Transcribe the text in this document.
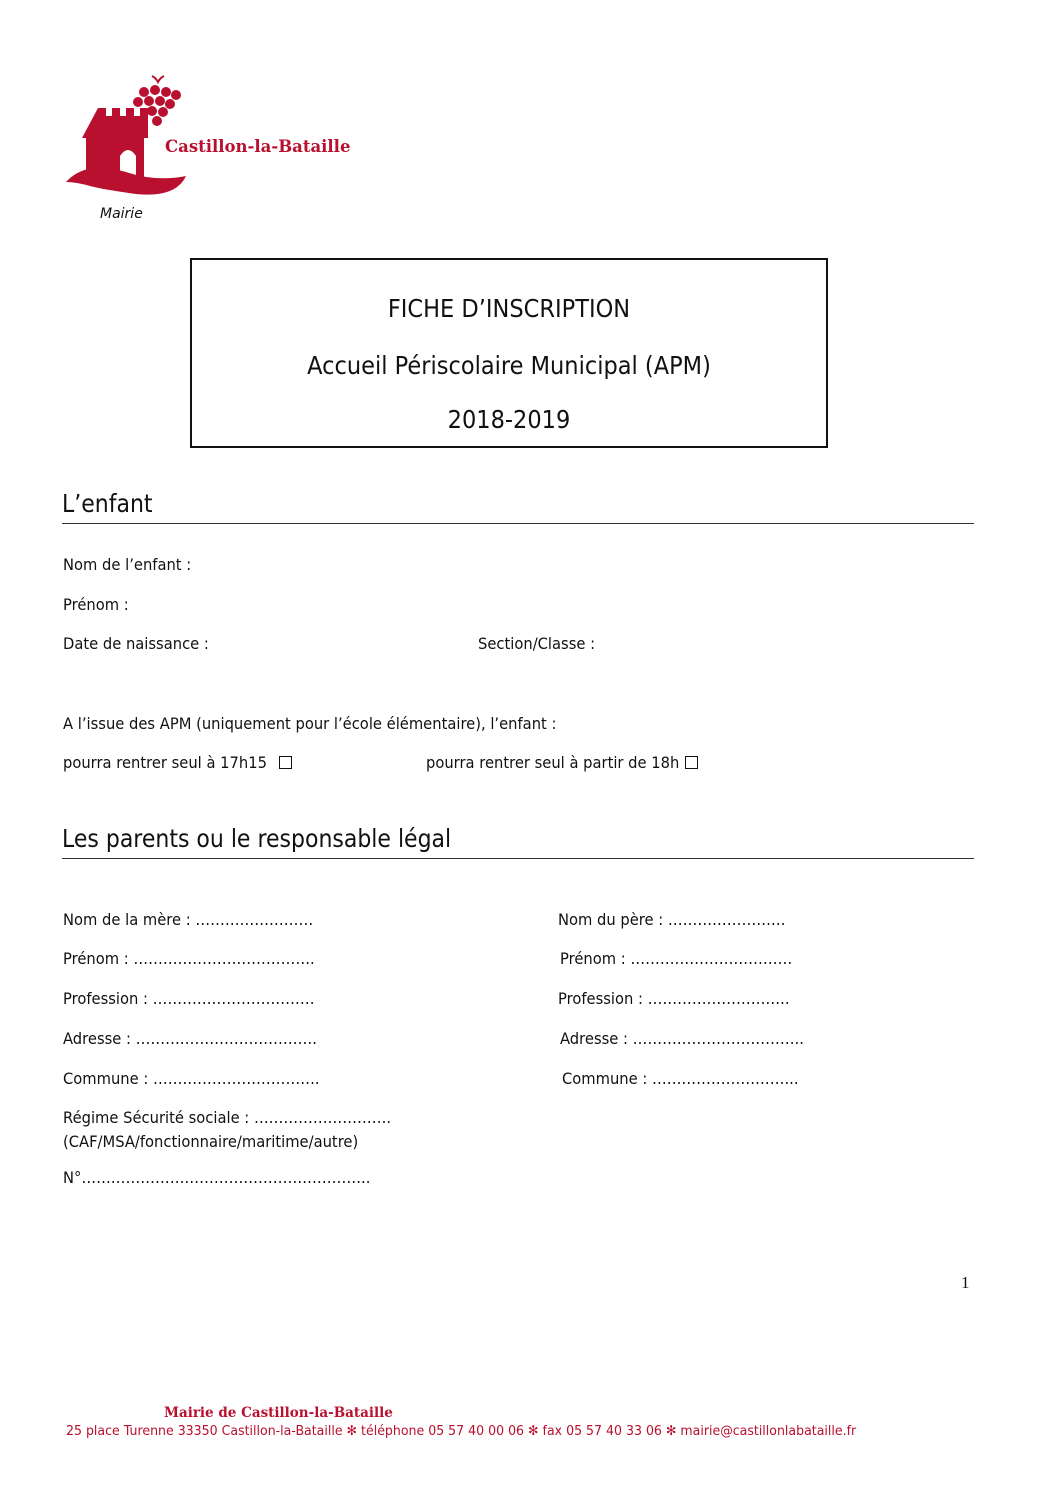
Castillon-la-Bataille
Mairie
FICHE D’INSCRIPTION
Accueil Périscolaire Municipal (APM)
2018-2019
L’enfant
Nom de l’enfant :
Prénom :
Date de naissance :	Section/Classe :
A l’issue des APM (uniquement pour l’école élémentaire), l’enfant :
pourra rentrer seul à 17h15	pourra rentrer seul à partir de 18h
Les parents ou le responsable légal
Nom de la mère : ……………………
Prénom : ……………………………….
Profession : ……………………………
Adresse : ……………………………….
Commune : …………………………….
Nom du père : ……………………
Prénom : ……………………………
Profession : ………………………..
Adresse : ……………………………..
Commune : ………………………...
Régime Sécurité sociale : ……………………….
(CAF/MSA/fonctionnaire/maritime/autre)
N°…………………………………………………..
1
Mairie de Castillon-la-Bataille
25 place Turenne 33350 Castillon-la-Bataille ✻ téléphone 05 57 40 00 06 ✻ fax 05 57 40 33 06 ✻ mairie@castillonlabataille.fr
